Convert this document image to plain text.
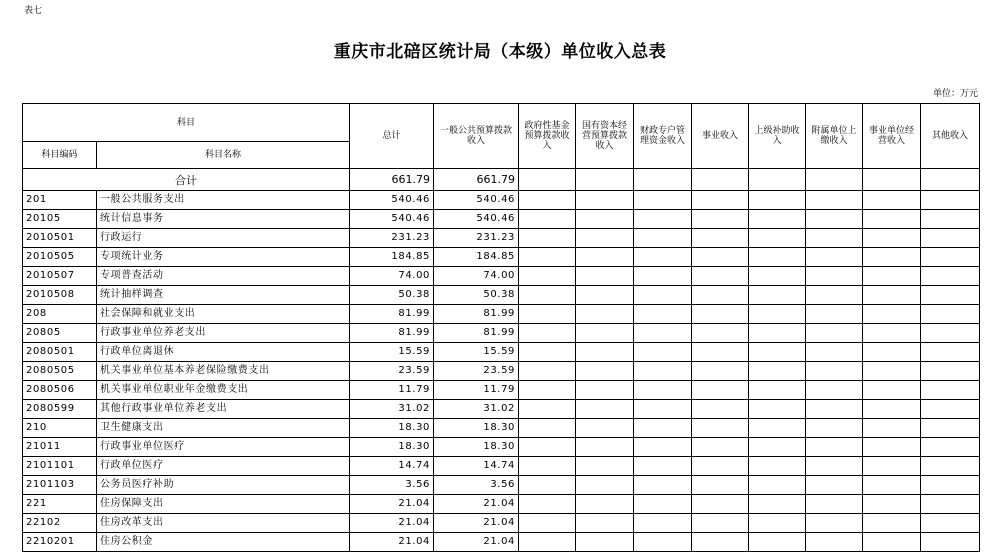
表七
重庆市北碚区统计局（本级）单位收入总表
单位：万元
科目		总计	一般公共预算拨款收入	政府性基金预算拨款收入	国有资本经营预算拨款收入	财政专户管理资金收入	事业收入	上级补助收入	附属单位上缴收入	事业单位经营收入	其他收入
科目编码	科目名称										
合计		661.79	661.79								
201	一般公共服务支出	540.46	540.46								
20105	统计信息事务	540.46	540.46								
2010501	行政运行	231.23	231.23								
2010505	专项统计业务	184.85	184.85								
2010507	专项普查活动	74.00	74.00								
2010508	统计抽样调查	50.38	50.38								
208	社会保障和就业支出	81.99	81.99								
20805	行政事业单位养老支出	81.99	81.99								
2080501	行政单位离退休	15.59	15.59								
2080505	机关事业单位基本养老保险缴费支出	23.59	23.59								
2080506	机关事业单位职业年金缴费支出	11.79	11.79								
2080599	其他行政事业单位养老支出	31.02	31.02								
210	卫生健康支出	18.30	18.30								
21011	行政事业单位医疗	18.30	18.30								
2101101	行政单位医疗	14.74	14.74								
2101103	公务员医疗补助	3.56	3.56								
221	住房保障支出	21.04	21.04								
22102	住房改革支出	21.04	21.04								
2210201	住房公积金	21.04	21.04								
